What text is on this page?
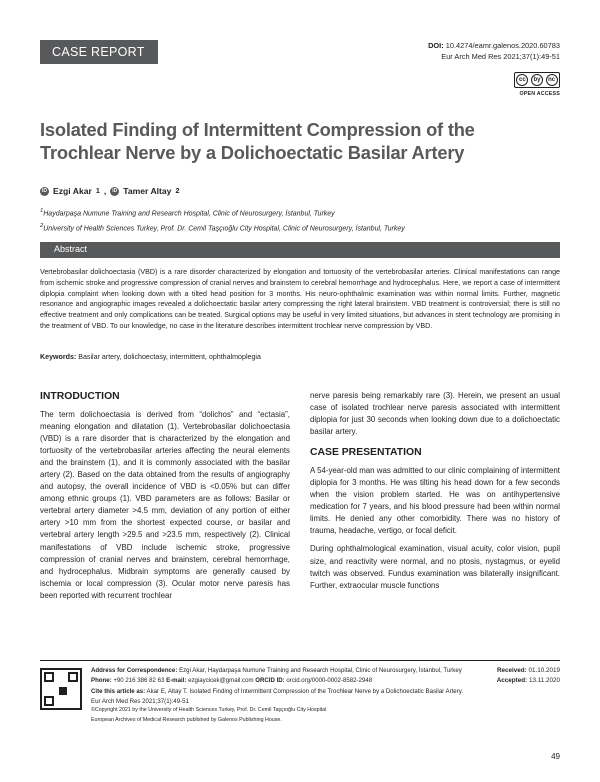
CASE REPORT	DOI: 10.4274/eamr.galenos.2020.60783
Eur Arch Med Res 2021;37(1):49-51
cc	by	nc
OPEN ACCESS
Isolated Finding of Intermittent Compression of the Trochlear Nerve by a Dolichoectatic Basilar Artery
iD Ezgi Akar 1 ,	iD Tamer Altay 2
$^1$Haydarpaşa Numune Training and Research Hospital, Clinic of Neurosurgery, İstanbul, Turkey
$^2$University of Health Sciences Turkey, Prof. Dr. Cemil Taşçıoğlu City Hospital, Clinic of Neurosurgery, İstanbul, Turkey
Abstract

Vertebrobasilar dolichoectasia (VBD) is a rare disorder characterized by elongation and tortuosity of the vertebrobasilar arteries. Clinical manifestations can range from ischemic stroke and progressive compression of cranial nerves and brainstem to cerebral hemorrhage and hydrocephalus. Here, we report a case of intermittent diplopia complaint when looking down with a tilted head position for 3 months. His neuro-ophthalmic examination was within normal limits. Further, magnetic resonance and angiographic images revealed a dolichoectatic basilar artery compressing the right lateral brainstem. VBD treatment is controversial; there is still no effective treatment and only complications can be treated. Surgical options may be useful in very limited situations, but advances in stent technology are promising in the treatment of VBD. To our knowledge, no case in the literature describes intermittent trochlear nerve compression by VBD.

Keywords: Basilar artery, dolichoectasy, intermittent, ophthalmoplegia
INTRODUCTION

The term dolichoectasia is derived from “dolichos” and “ectasia”, meaning elongation and dilatation (1). Vertebrobasilar dolichoectasia (VBD) is a rare disorder that is characterized by the elongation and tortuosity of the vertebrobasilar arteries affecting the neural elements and the brainstem (1), and it is commonly associated with the basilar artery (2). Based on the data obtained from the results of angiography and autopsy, the overall incidence of VBD is <0.05% but can differ among ethnic groups (1). VBD parameters are as follows: Basilar or vertebral artery diameter >4.5 mm, deviation of any portion of either artery >10 mm from the shortest expected course, or basilar and vertebral artery length >29.5 and >23.5 mm, respectively (2). Clinical manifestations of VBD include ischemic stroke, progressive compression of cranial nerves and brainstem, cerebral hemorrhage, and hydrocephalus. Midbrain symptoms are generally caused by ischemia or local compression (3). Ocular motor nerve paresis has been reported with recurrent trochlear

nerve paresis being remarkably rare (3). Herein, we present an usual case of isolated trochlear nerve paresis associated with intermittent diplopia for just 30 seconds when looking down due to a dolichoectatic basilar artery.

CASE PRESENTATION

A 54-year-old man was admitted to our clinic complaining of intermittent diplopia for 3 months. He was tilting his head down for a few seconds when the vision problem started. He was on antihypertensive medication for 7 years, and his blood pressure had been within normal limits. He denied any other comorbidity. There was no history of trauma, headache, vertigo, or focal deficit.

During ophthalmological examination, visual acuity, color vision, pupil size, and reactivity were normal, and no ptosis, nystagmus, or eyelid twitch was observed. Fundus examination was bilaterally insignificant. Further, extraocular muscle functions

Address for Correspondence: Ezgi Akar, Haydarpaşa Numune Training and Research Hospital, Clinic of Neurosurgery, İstanbul, Turkey
Phone: +90 216 386 82 63 E-mail: ezgiaycicek@gmail.com ORCID ID: orcid.org/0000-0002-8582-2948
Cite this article as: Akar E, Altay T. Isolated Finding of Intermittent Compression of the Trochlear Nerve by a Dolichoectatic Basilar Artery. Eur Arch Med Res 2021;37(1):49-51
©Copyright 2021 by the University of Health Sciences Turkey, Prof. Dr. Cemil Taşçıoğlu City Hospital
European Archives of Medical Research published by Galenos Publishing House.
Received: 01.10.2019
Accepted: 13.11.2020
49
